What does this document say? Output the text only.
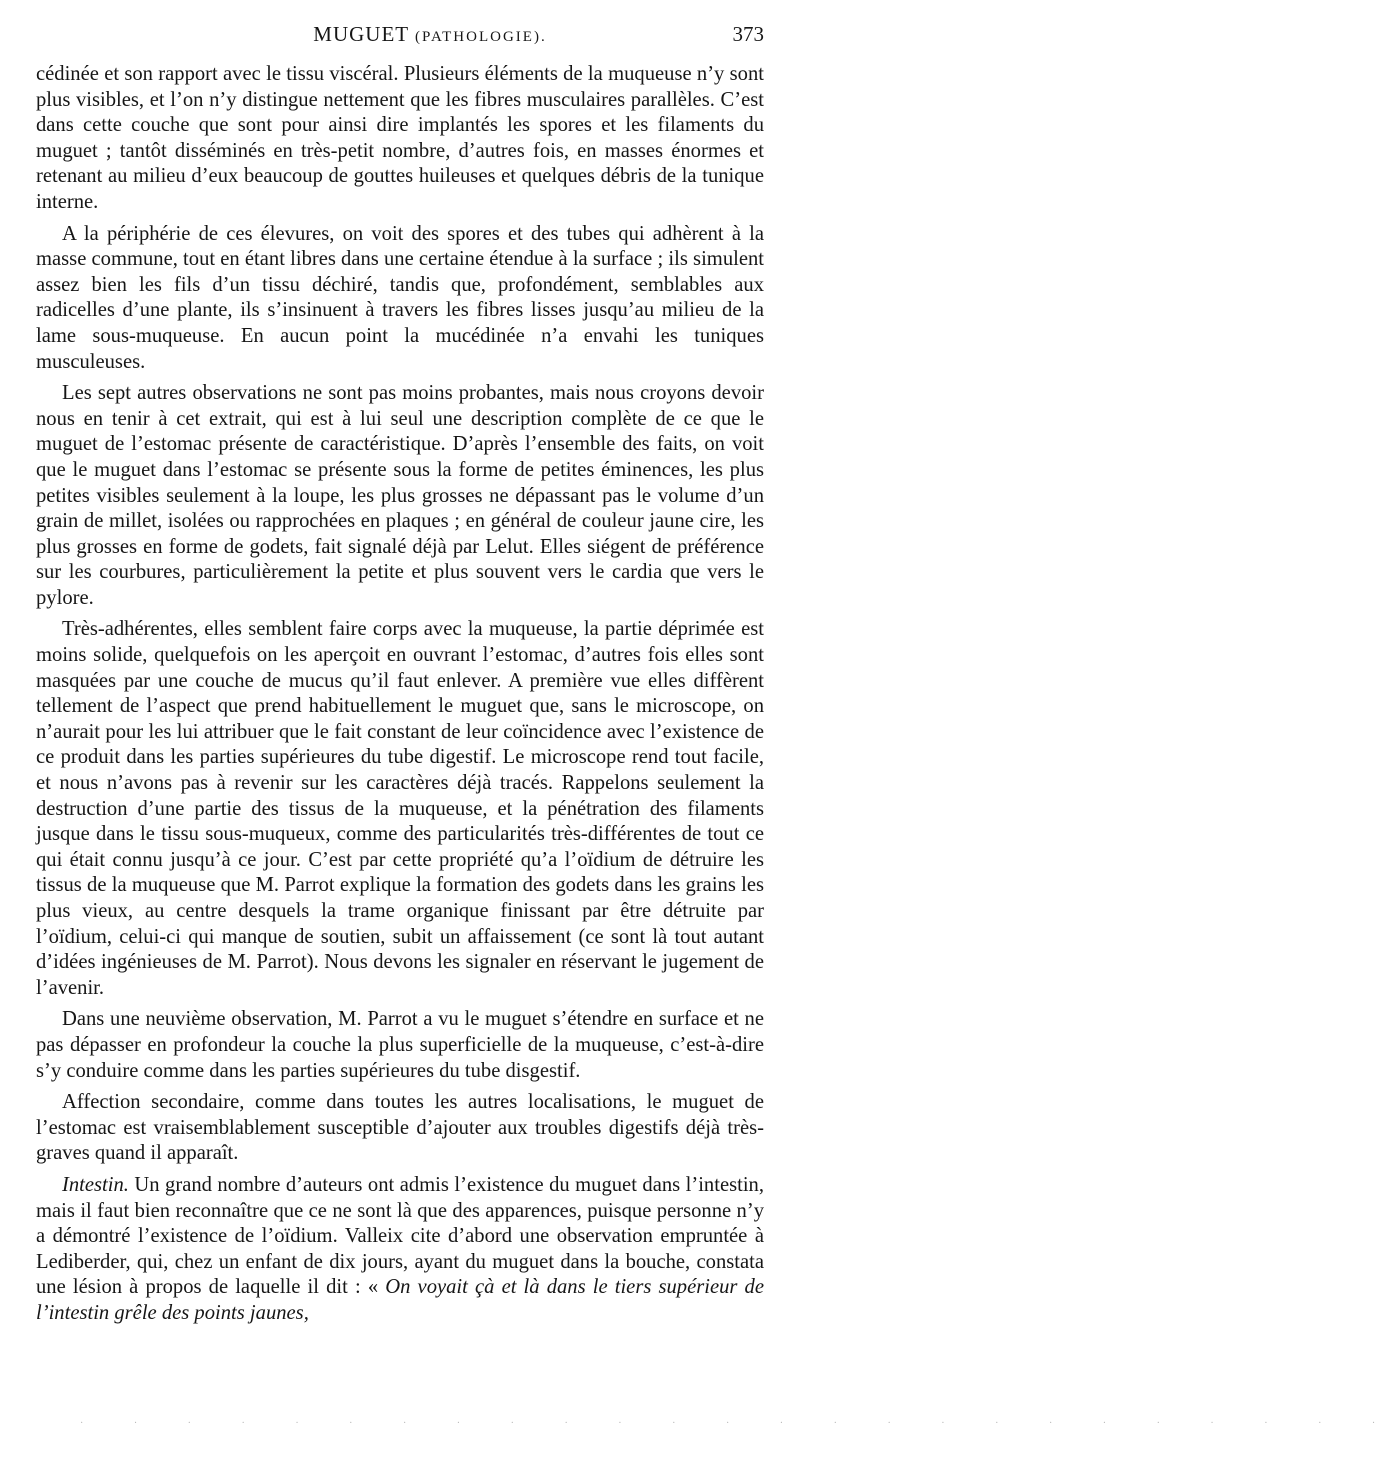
MUGUET (PATHOLOGIE).	373

cédinée et son rapport avec le tissu viscéral. Plusieurs éléments de la muqueuse n’y sont plus visibles, et l’on n’y distingue nettement que les fibres musculaires parallèles. C’est dans cette couche que sont pour ainsi dire implantés les spores et les filaments du muguet ; tantôt disséminés en très-petit nombre, d’autres fois, en masses énormes et retenant au milieu d’eux beaucoup de gouttes huileuses et quelques débris de la tunique interne.

A la périphérie de ces élevures, on voit des spores et des tubes qui adhèrent à la masse commune, tout en étant libres dans une certaine étendue à la surface ; ils simulent assez bien les fils d’un tissu déchiré, tandis que, profondément, semblables aux radicelles d’une plante, ils s’insinuent à travers les fibres lisses jusqu’au milieu de la lame sous-muqueuse. En aucun point la mucédinée n’a envahi les tuniques musculeuses.

Les sept autres observations ne sont pas moins probantes, mais nous croyons devoir nous en tenir à cet extrait, qui est à lui seul une description complète de ce que le muguet de l’estomac présente de caractéristique. D’après l’ensemble des faits, on voit que le muguet dans l’estomac se présente sous la forme de petites éminences, les plus petites visibles seulement à la loupe, les plus grosses ne dépassant pas le volume d’un grain de millet, isolées ou rapprochées en plaques ; en général de couleur jaune cire, les plus grosses en forme de godets, fait signalé déjà par Lelut. Elles siégent de préférence sur les courbures, particulièrement la petite et plus souvent vers le cardia que vers le pylore.

Très-adhérentes, elles semblent faire corps avec la muqueuse, la partie déprimée est moins solide, quelquefois on les aperçoit en ouvrant l’estomac, d’autres fois elles sont masquées par une couche de mucus qu’il faut enlever. A première vue elles diffèrent tellement de l’aspect que prend habituellement le muguet que, sans le microscope, on n’aurait pour les lui attribuer que le fait constant de leur coïncidence avec l’existence de ce produit dans les parties supérieures du tube digestif. Le microscope rend tout facile, et nous n’avons pas à revenir sur les caractères déjà tracés. Rappelons seulement la destruction d’une partie des tissus de la muqueuse, et la pénétration des filaments jusque dans le tissu sous-muqueux, comme des particularités très-différentes de tout ce qui était connu jusqu’à ce jour. C’est par cette propriété qu’a l’oïdium de détruire les tissus de la muqueuse que M. Parrot explique la formation des godets dans les grains les plus vieux, au centre desquels la trame organique finissant par être détruite par l’oïdium, celui-ci qui manque de soutien, subit un affaissement (ce sont là tout autant d’idées ingénieuses de M. Parrot). Nous devons les signaler en réservant le jugement de l’avenir.

Dans une neuvième observation, M. Parrot a vu le muguet s’étendre en surface et ne pas dépasser en profondeur la couche la plus superficielle de la muqueuse, c’est-à-dire s’y conduire comme dans les parties supérieures du tube disgestif.

Affection secondaire, comme dans toutes les autres localisations, le muguet de l’estomac est vraisemblablement susceptible d’ajouter aux troubles digestifs déjà très-graves quand il apparaît.

Intestin. Un grand nombre d’auteurs ont admis l’existence du muguet dans l’intestin, mais il faut bien reconnaître que ce ne sont là que des apparences, puisque personne n’y a démontré l’existence de l’oïdium. Valleix cite d’abord une observation empruntée à Lediberder, qui, chez un enfant de dix jours, ayant du muguet dans la bouche, constata une lésion à propos de laquelle il dit : « On voyait çà et là dans le tiers supérieur de l’intestin grêle des points jaunes,

· · · · · · · · · · · · · · · · · · · · · · · · ·
